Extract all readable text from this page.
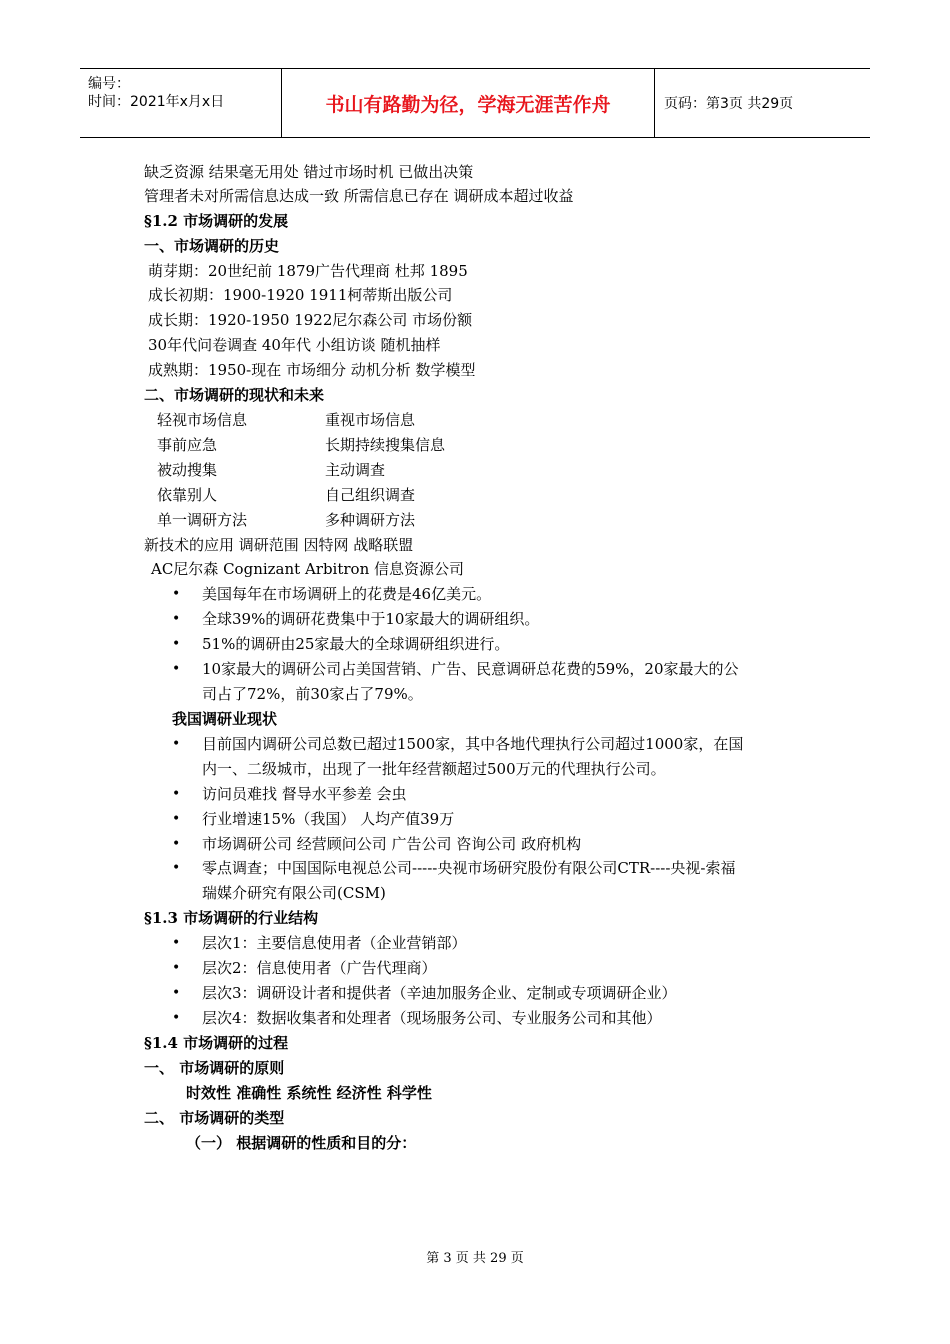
编号：
时间：2021年x月x日	书山有路勤为径，学海无涯苦作舟	页码：第3页 共29页
缺乏资源 结果毫无用处 错过市场时机 已做出决策
管理者未对所需信息达成一致 所需信息已存在 调研成本超过收益
§1.2 市场调研的发展
一、市场调研的历史
萌芽期：20世纪前 1879广告代理商 杜邦 1895
成长初期：1900-1920 1911柯蒂斯出版公司
成长期：1920-1950 1922尼尔森公司 市场份额
30年代问卷调查 40年代 小组访谈 随机抽样
成熟期：1950-现在 市场细分 动机分析 数学模型
二、市场调研的现状和未来
轻视市场信息	重视市场信息
事前应急	长期持续搜集信息
被动搜集	主动调查
依靠别人	自己组织调查
单一调研方法	多种调研方法
新技术的应用 调研范围 因特网 战略联盟
AC尼尔森 Cognizant Arbitron 信息资源公司
• 美国每年在市场调研上的花费是46亿美元。
• 全球39%的调研花费集中于10家最大的调研组织。
• 51%的调研由25家最大的全球调研组织进行。
• 10家最大的调研公司占美国营销、广告、民意调研总花费的59%，20家最大的公
司占了72%，前30家占了79%。
我国调研业现状
• 目前国内调研公司总数已超过1500家，其中各地代理执行公司超过1000家，在国
内一、二级城市，出现了一批年经营额超过500万元的代理执行公司。
• 访问员难找 督导水平参差 会虫
• 行业增速15%（我国） 人均产值39万
• 市场调研公司 经营顾问公司 广告公司 咨询公司 政府机构
• 零点调查；中国国际电视总公司-----央视市场研究股份有限公司CTR----央视-索福
瑞媒介研究有限公司(CSM)
§1.3 市场调研的行业结构
• 层次1：主要信息使用者（企业营销部）
• 层次2：信息使用者（广告代理商）
• 层次3：调研设计者和提供者（辛迪加服务企业、定制或专项调研企业）
• 层次4：数据收集者和处理者（现场服务公司、专业服务公司和其他）
§1.4 市场调研的过程
一、 市场调研的原则
时效性 准确性 系统性 经济性 科学性
二、 市场调研的类型
（一） 根据调研的性质和目的分：
第 3 页 共 29 页
